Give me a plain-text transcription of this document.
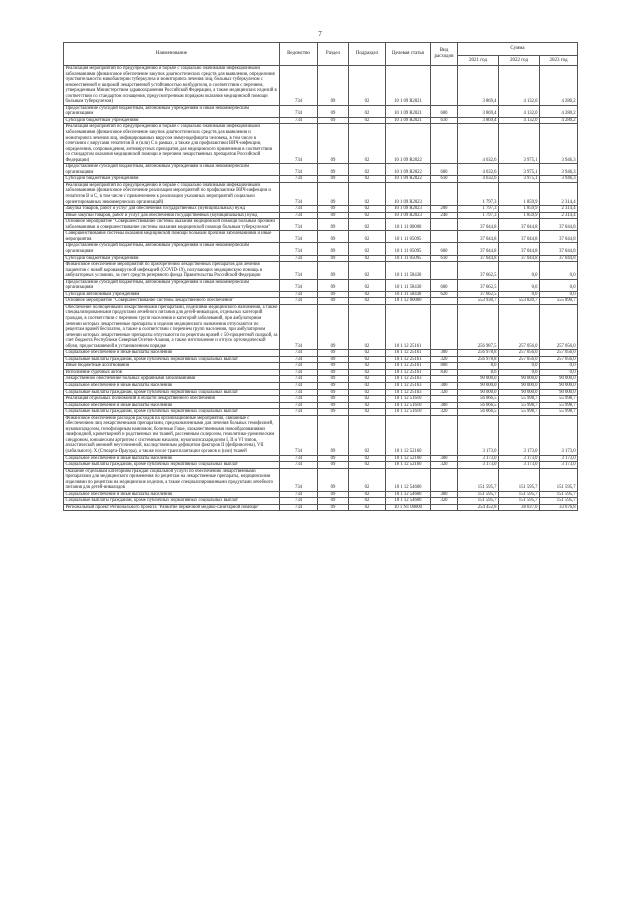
7
Наименование	Ведомство	Раздел	Подраздел	Целевая статья	Вид расходов	Сумма		
						2021 год	2022 год	2023 год
Реализация мероприятий по предупреждению и борьбе с социально значимыми инфекционными заболеваниями (финансовое обеспечение закупок диагностических средств для выявления, определения чувствительности микобактерии туберкулеза и мониторинга лечения лиц, больных туберкулезом с множественной и широкой лекарственной устойчивостью возбудителя, в соответствии с перечнем, утвержденным Министерством здравоохранения Российской Федерации, а также медицинских изделий в соответствии со стандартом оснащения, предусмотренным порядком оказания медицинской помощи больным туберкулезом)	734	09	02	10 1 09 R2021		3 869,4	4 132,0	4 280,2
Предоставление субсидий бюджетным, автономным учреждениям и иным некоммерческим организациям	734	09	02	10 1 09 R2021	600	3 869,4	4 132,0	4 280,2
Субсидии бюджетным учреждениям	734	09	02	10 1 09 R2021	610	3 869,4	4 132,0	4 280,2
Реализация мероприятий по предупреждению и борьбе с социально значимыми инфекционными заболеваниями (финансовое обеспечение закупок диагностических средств для выявления и мониторинга лечения лиц, инфицированных вирусом иммунодефицита человека, в том числе в сочетании с вирусами гепатитов B и (или) C в рамках, а также для профилактики ВИЧ-инфекции, определения, сопровождения, антивирусных препаратов для медицинского применения в соответствии со стандартом оказания медицинской помощи и перечнем лекарственных препаратов Российской Федерации)	734	09	02	10 1 09 R2022		4 632,6	3 975,1	3 946,3
Предоставление субсидий бюджетным, автономным учреждениям и иным некоммерческим организациям	734	09	02	10 1 09 R2022	600	4 632,6	3 975,1	3 946,3
Субсидии бюджетным учреждениям	734	09	02	10 1 09 R2022	610	4 632,6	3 975,1	3 946,3
Реализация мероприятий по предупреждению и борьбе с социально значимыми инфекционными заболеваниями (финансовое обеспечение реализации мероприятий по профилактике ВИЧ-инфекции и гепатитов B и C, в том числе с привлечением к реализации указанных мероприятий социально ориентированных некоммерческих организаций)	734	09	02	10 1 09 R2023		1 797,3	1 859,9	2 314,4
Закупка товаров, работ и услуг для обеспечения государственных (муниципальных) нужд	734	09	02	10 1 09 R2023	200	1 797,3	1 859,9	2 314,4
Иные закупки товаров, работ и услуг для обеспечения государственных (муниципальных) нужд	734	09	02	10 1 09 R2023	240	1 797,3	1 859,9	2 314,4
Основное мероприятие "Совершенствование системы оказания медицинской помощи больным прочими заболеваниями и совершенствование системы оказания медицинской помощи больным туберкулезом"	734	09	02	10 1 11 00000		37 044,8	37 044,8	37 044,8
Совершенствование системы оказания медицинской помощи больным прочими заболеваниями и иные мероприятия	734	09	02	10 1 11 05095		37 044,8	37 044,8	37 044,8
Предоставление субсидий бюджетным, автономным учреждениям и иным некоммерческим организациям	734	09	02	10 1 11 05095	600	37 044,8	37 044,8	37 044,8
Субсидии бюджетным учреждениям	734	09	02	10 1 11 05095	610	37 044,8	37 044,8	37 044,8
Финансовое обеспечение мероприятий по приобретению лекарственных препаратов для лечения пациентов с новой коронавирусной инфекцией (COVID-19), получающих медицинскую помощь в амбулаторных условиях, за счет средств резервного фонда Правительства Российской Федерации	734	09	02	10 1 11 58430		37 662,5	0,0	0,0
Предоставление субсидий бюджетным, автономным учреждениям и иным некоммерческим организациям	734	09	02	10 1 11 58430	600	37 662,5	0,0	0,0
Субсидии автономным учреждениям	734	09	02	10 1 11 58430	620	37 662,5	0,0	0,0
Основное мероприятие "Совершенствование системы лекарственного обеспечения"	734	09	02	10 1 12 00000		553 930,7	553 820,7	555 890,7
Обеспечение полноценными лекарственными препаратами, изделиями медицинского назначения, а также специализированными продуктами лечебного питания для детей-инвалидов, отдельных категорий граждан, в соответствии с перечнем групп населения и категорий заболеваний, при амбулаторном лечении которых лекарственные препараты и изделия медицинского назначения отпускаются по рецептам врачей бесплатно, а также в соответствии с перечнем групп населения, при амбулаторном лечении которых лекарственные препараты отпускаются по рецептам врачей с 50-процентной скидкой, за счет бюджета Республики Северная Осетия-Алания, а также изготовление и отпуск ортопедической обуви, предоставляемой в установленном порядке	734	09	02	10 1 12 25161		256 987,5	257 056,0	257 056,0
Социальное обеспечение и иные выплаты населению	734	09	02	10 1 12 25161	300	256 978,8	257 056,0	257 056,0
Социальные выплаты гражданам, кроме публичных нормативных социальных выплат	734	09	02	10 1 12 25161	320	256 978,8	257 056,0	257 056,0
Иные бюджетные ассигнования	734	09	02	10 1 12 25161	800	8,6	0,0	0,0
Исполнение судебных актов	734	09	02	10 1 12 25161	830	8,6	0,0	0,0
Лекарственное обеспечение больных орфанными заболеваниями	734	09	02	10 1 12 25163		90 000,0	90 000,0	90 000,0
Социальное обеспечение и иные выплаты населению	734	09	02	10 1 12 25163	300	90 000,0	90 000,0	90 000,0
Социальные выплаты гражданам, кроме публичных нормативных социальных выплат	734	09	02	10 1 12 25163	320	90 000,0	90 000,0	90 000,0
Реализация отдельных полномочий в области лекарственного обеспечения	734	09	02	10 1 12 51610		56 066,5	55 998,7	55 998,7
Социальное обеспечение и иные выплаты населению	734	09	02	10 1 12 51610	300	56 066,5	55 998,7	55 998,7
Социальные выплаты гражданам, кроме публичных нормативных социальных выплат	734	09	02	10 1 12 51610	320	56 066,5	55 998,7	55 998,7
Финансовое обеспечение расходов расходов на организационные мероприятия, связанные с обеспечением лиц лекарственными препаратами, предназначенными для лечения больных гемофилией, муковисцидозом, гипофизарным нанизмом, болезнью Гоше, злокачественными новообразованиями лимфоидной, кроветворной и родственных им тканей, рассеянным склерозом, гемолитико-уремическим синдромом, юношеским артритом с системным началом, мукополисахаридозом I, II и VI типов, апластической анемией неуточненной, наследственным дефицитом факторов II (фибриногена), VII (лабильного), X (Стюарта-Прауэра), а также после трансплантации органов и (или) тканей	734	09	02	10 1 12 52160		3 173,0	3 173,0	3 173,0
Социальное обеспечение и иные выплаты населению	734	09	02	10 1 12 52160	300	3 173,0	3 173,0	3 173,0
Социальные выплаты гражданам, кроме публичных нормативных социальных выплат	734	09	02	10 1 12 52160	320	3 173,0	3 173,0	3 173,0
Оказание отдельным категориям граждан социальной услуги по обеспечению лекарственными препаратами для медицинского применения по рецептам на лекарственные препараты, медицинскими изделиями по рецептам на медицинские изделия, а также специализированными продуктами лечебного питания для детей-инвалидов	734	09	02	10 1 12 54600		151 595,7	151 595,7	151 595,7
Социальное обеспечение и иные выплаты населению	734	09	02	10 1 12 54600	300	151 595,7	151 595,7	151 595,7
Социальные выплаты гражданам, кроме публичных нормативных социальных выплат	734	09	02	10 1 12 54600	320	151 595,7	151 595,7	151 595,7
Региональный проект Регионального проекта "Развитие первичной медико-санитарной помощи"	734	09	02	10 1 N1 00000		254 452,8	38 037,0	33 676,8
